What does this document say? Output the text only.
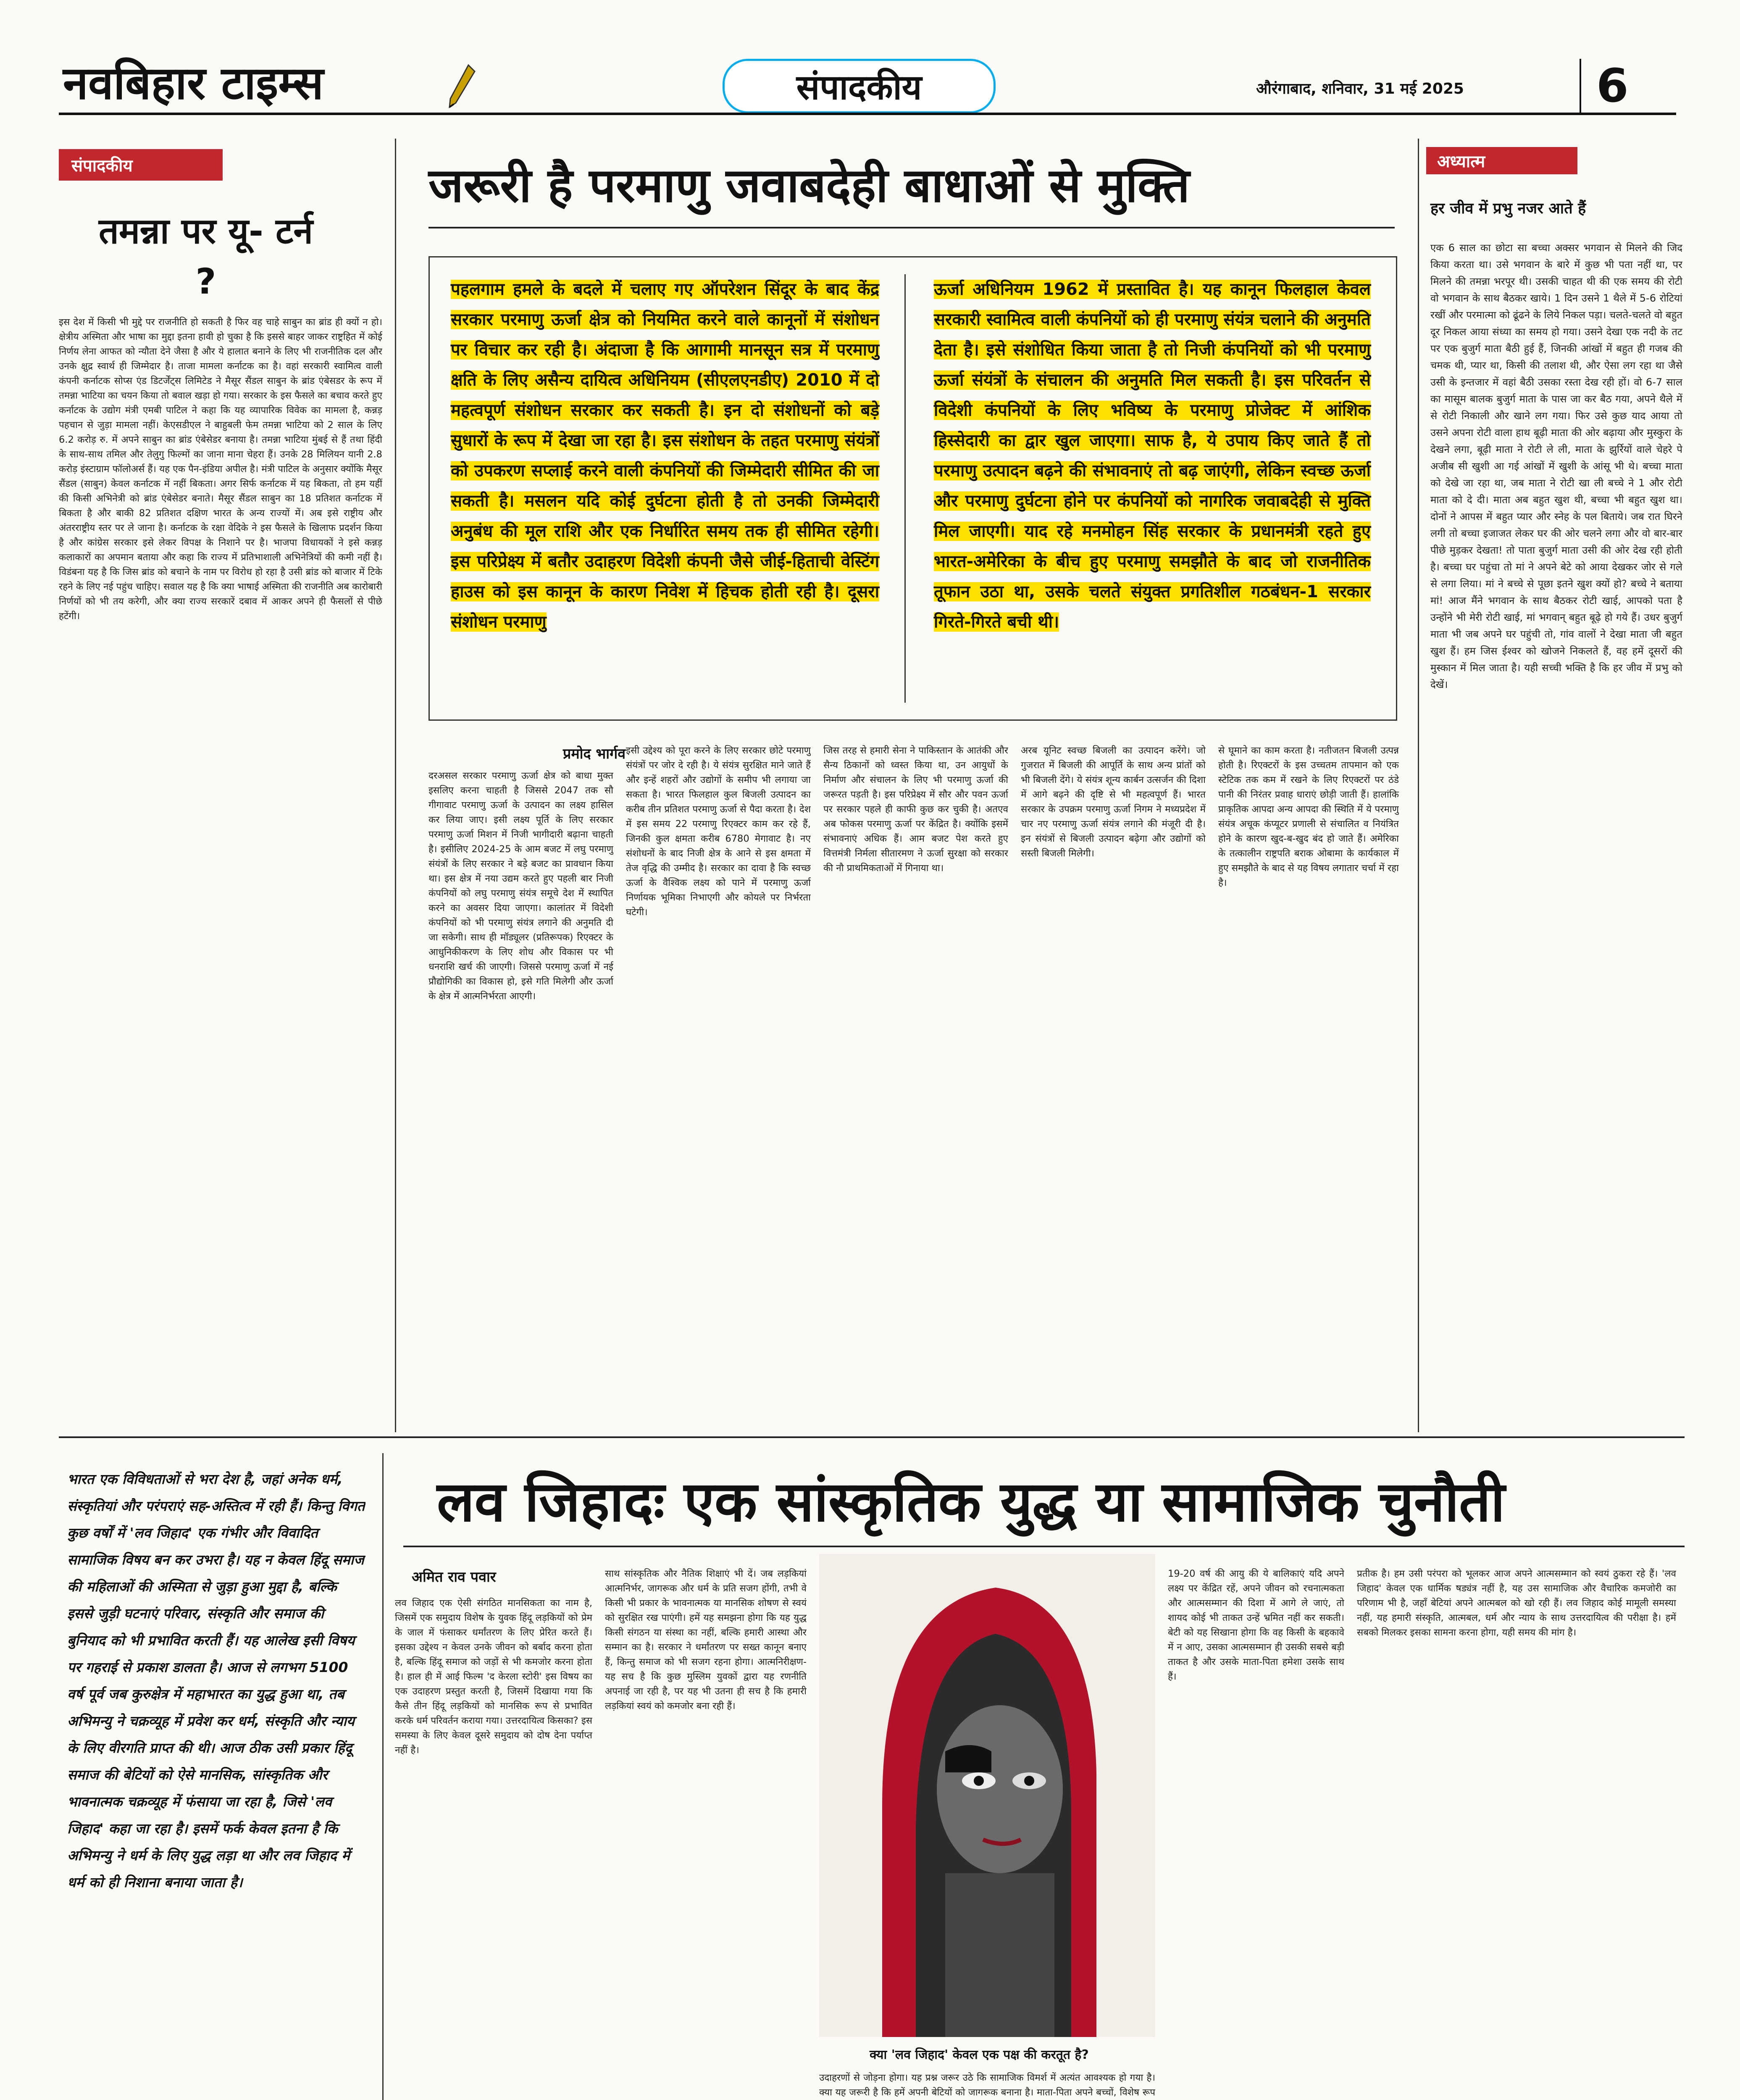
नवबिहार टाइम्स	संपादकीय	औरंगाबाद, शनिवार, 31 मई 2025	6
संपादकीय
तमन्ना पर यू- टर्न ?
इस देश में किसी भी मुद्दे पर राजनीति हो सकती है फिर वह चाहे साबुन का ब्रांड ही क्यों न हो। क्षेत्रीय अस्मिता और भाषा का मुद्दा इतना हावी हो चुका है कि इससे बाहर जाकर राष्ट्रहित में कोई निर्णय लेना आफत को न्यौता देने जैसा है और ये हालात बनाने के लिए भी राजनीतिक दल और उनके क्षुद्र स्वार्थ ही जिम्मेदार है। ताजा मामला कर्नाटक का है। वहां सरकारी स्वामित्व वाली कंपनी कर्नाटक सोप्स एंड डिटर्जेंट्स लिमिटेड ने मैसूर सैंडल साबुन के ब्रांड एंबेसडर के रूप में तमन्ना भाटिया का चयन किया तो बवाल खड़ा हो गया। सरकार के इस फैसले का बचाव करते हुए कर्नाटक के उद्योग मंत्री एमबी पाटिल ने कहा कि यह व्यापारिक विवेक का मामला है, कन्नड़ पहचान से जुड़ा मामला नहीं। केएसडीएल ने बाहुबली फेम तमन्ना भाटिया को 2 साल के लिए 6.2 करोड़ रु. में अपने साबुन का ब्रांड एंबेसेडर बनाया है। तमन्ना भाटिया मुंबई से हैं तथा हिंदी के साथ-साथ तमिल और तेलुगु फिल्मों का जाना माना चेहरा हैं। उनके 28 मिलियन यानी 2.8 करोड़ इंस्टाग्राम फॉलोअर्स हैं। यह एक पैन-इंडिया अपील है। मंत्री पाटिल के अनुसार क्योंकि मैसूर सैंडल (साबुन) केवल कर्नाटक में नहीं बिकता। अगर सिर्फ कर्नाटक में यह बिकता, तो हम यहीं की किसी अभिनेत्री को ब्रांड एंबेसेडर बनाते। मैसूर सैंडल साबुन का 18 प्रतिशत कर्नाटक में बिकता है और बाकी 82 प्रतिशत दक्षिण भारत के अन्य राज्यों में। अब इसे राष्ट्रीय और अंतरराष्ट्रीय स्तर पर ले जाना है। कर्नाटक के रक्षा वेदिके ने इस फैसले के खिलाफ प्रदर्शन किया है और कांग्रेस सरकार इसे लेकर विपक्ष के निशाने पर है। भाजपा विधायकों ने इसे कन्नड़ कलाकारों का अपमान बताया और कहा कि राज्य में प्रतिभाशाली अभिनेत्रियों की कमी नहीं है। विडंबना यह है कि जिस ब्रांड को बचाने के नाम पर विरोध हो रहा है उसी ब्रांड को बाजार में टिके रहने के लिए नई पहुंच चाहिए। सवाल यह है कि क्या भाषाई अस्मिता की राजनीति अब कारोबारी निर्णयों को भी तय करेगी, और क्या राज्य सरकारें दबाव में आकर अपने ही फैसलों से पीछे हटेंगी।
जरूरी है परमाणु जवाबदेही बाधाओं से मुक्ति
पहलगाम हमले के बदले में चलाए गए ऑपरेशन सिंदूर के बाद केंद्र सरकार परमाणु ऊर्जा क्षेत्र को नियमित करने वाले कानूनों में संशोधन पर विचार कर रही है। अंदाजा है कि आगामी मानसून सत्र में परमाणु क्षति के लिए असैन्य दायित्व अधिनियम (सीएलएनडीए) 2010 में दो महत्वपूर्ण संशोधन सरकार कर सकती है। इन दो संशोधनों को बड़े सुधारों के रूप में देखा जा रहा है। इस संशोधन के तहत परमाणु संयंत्रों को उपकरण सप्लाई करने वाली कंपनियों की जिम्मेदारी सीमित की जा सकती है। मसलन यदि कोई दुर्घटना होती है तो उनकी जिम्मेदारी अनुबंध की मूल राशि और एक निर्धारित समय तक ही सीमित रहेगी। इस परिप्रेक्ष्य में बतौर उदाहरण विदेशी कंपनी जैसे जीई-हिताची वेस्टिंग हाउस को इस कानून के कारण निवेश में हिचक होती रही है। दूसरा संशोधन परमाणु
ऊर्जा अधिनियम 1962 में प्रस्तावित है। यह कानून फिलहाल केवल सरकारी स्वामित्व वाली कंपनियों को ही परमाणु संयंत्र चलाने की अनुमति देता है। इसे संशोधित किया जाता है तो निजी कंपनियों को भी परमाणु ऊर्जा संयंत्रों के संचालन की अनुमति मिल सकती है। इस परिवर्तन से विदेशी कंपनियों के लिए भविष्य के परमाणु प्रोजेक्ट में आंशिक हिस्सेदारी का द्वार खुल जाएगा। साफ है, ये उपाय किए जाते हैं तो परमाणु उत्पादन बढ़ने की संभावनाएं तो बढ़ जाएंगी, लेकिन स्वच्छ ऊर्जा और परमाणु दुर्घटना होने पर कंपनियों को नागरिक जवाबदेही से मुक्ति मिल जाएगी। याद रहे मनमोहन सिंह सरकार के प्रधानमंत्री रहते हुए भारत-अमेरिका के बीच हुए परमाणु समझौते के बाद जो राजनीतिक तूफान उठा था, उसके चलते संयुक्त प्रगतिशील गठबंधन-1 सरकार गिरते-गिरते बची थी।
प्रमोद भार्गव
दरअसल सरकार परमाणु ऊर्जा क्षेत्र को बाधा मुक्त इसलिए करना चाहती है जिससे 2047 तक सौ गीगावाट परमाणु ऊर्जा के उत्पादन का लक्ष्य हासिल कर लिया जाए। इसी लक्ष्य पूर्ति के लिए सरकार परमाणु ऊर्जा मिशन में निजी भागीदारी बढ़ाना चाहती है। इसीलिए 2024-25 के आम बजट में लघु परमाणु संयंत्रों के लिए सरकार ने बड़े बजट का प्रावधान किया था। इस क्षेत्र में नया उद्यम करते हुए पहली बार निजी कंपनियों को लघु परमाणु संयंत्र समूचे देश में स्थापित करने का अवसर दिया जाएगा। कालांतर में विदेशी कंपनियों को भी परमाणु संयंत्र लगाने की अनुमति दी जा सकेगी। साथ ही मॉड्यूलर (प्रतिरूपक) रिएक्टर के आधुनिकीकरण के लिए शोध और विकास पर भी धनराशि खर्च की जाएगी। जिससे परमाणु ऊर्जा में नई प्रौद्योगिकी का विकास हो, इसे गति मिलेगी और ऊर्जा के क्षेत्र में आत्मनिर्भरता आएगी।
इसी उद्देश्य को पूरा करने के लिए सरकार छोटे परमाणु संयंत्रों पर जोर दे रही है। ये संयंत्र सुरक्षित माने जाते हैं और इन्हें शहरों और उद्योगों के समीप भी लगाया जा सकता है। भारत फिलहाल कुल बिजली उत्पादन का करीब तीन प्रतिशत परमाणु ऊर्जा से पैदा करता है। देश में इस समय 22 परमाणु रिएक्टर काम कर रहे हैं, जिनकी कुल क्षमता करीब 6780 मेगावाट है। नए संशोधनों के बाद निजी क्षेत्र के आने से इस क्षमता में तेज वृद्धि की उम्मीद है। सरकार का दावा है कि स्वच्छ ऊर्जा के वैश्विक लक्ष्य को पाने में परमाणु ऊर्जा निर्णायक भूमिका निभाएगी और कोयले पर निर्भरता घटेगी।
जिस तरह से हमारी सेना ने पाकिस्तान के आतंकी और सैन्य ठिकानों को ध्वस्त किया था, उन आयुधों के निर्माण और संचालन के लिए भी परमाणु ऊर्जा की जरूरत पड़ती है। इस परिप्रेक्ष्य में सौर और पवन ऊर्जा पर सरकार पहले ही काफी कुछ कर चुकी है। अतएव अब फोकस परमाणु ऊर्जा पर केंद्रित है। क्योंकि इसमें संभावनाएं अधिक हैं। आम बजट पेश करते हुए वित्तमंत्री निर्मला सीतारमण ने ऊर्जा सुरक्षा को सरकार की नौ प्राथमिकताओं में गिनाया था।
अरब यूनिट स्वच्छ बिजली का उत्पादन करेंगे। जो गुजरात में बिजली की आपूर्ति के साथ अन्य प्रांतों को भी बिजली देंगे। ये संयंत्र शून्य कार्बन उत्सर्जन की दिशा में आगे बढ़ने की दृष्टि से भी महत्वपूर्ण हैं। भारत सरकार के उपक्रम परमाणु ऊर्जा निगम ने मध्यप्रदेश में चार नए परमाणु ऊर्जा संयंत्र लगाने की मंजूरी दी है। इन संयंत्रों से बिजली उत्पादन बढ़ेगा और उद्योगों को सस्ती बिजली मिलेगी।
से घूमाने का काम करता है। नतीजतन बिजली उत्पन्न होती है। रिएक्टरों के इस उच्चतम तापमान को एक स्टेटिक तक कम में रखने के लिए रिएक्टरों पर ठंडे पानी की निरंतर प्रवाह धाराएं छोड़ी जाती हैं। हालांकि प्राकृतिक आपदा अन्य आपदा की स्थिति में ये परमाणु संयंत्र अचूक कंप्यूटर प्रणाली से संचालित व नियंत्रित होने के कारण खुद-ब-खुद बंद हो जाते हैं। अमेरिका के तत्कालीन राष्ट्रपति बराक ओबामा के कार्यकाल में हुए समझौते के बाद से यह विषय लगातार चर्चा में रहा है।
अध्यात्म
हर जीव में प्रभु नजर आते हैं
एक 6 साल का छोटा सा बच्चा अक्सर भगवान से मिलने की जिद किया करता था। उसे भगवान के बारे में कुछ भी पता नहीं था, पर मिलने की तमन्ना भरपूर थी। उसकी चाहत थी की एक समय की रोटी वो भगवान के साथ बैठकर खाये। 1 दिन उसने 1 थैले में 5-6 रोटियां रखीं और परमात्मा को ढूंढने के लिये निकल पड़ा। चलते-चलते वो बहुत दूर निकल आया संध्या का समय हो गया। उसने देखा एक नदी के तट पर एक बुजुर्ग माता बैठी हुई हैं, जिनकी आंखों में बहुत ही गजब की चमक थी, प्यार था, किसी की तलाश थी, और ऐसा लग रहा था जैसे उसी के इन्तजार में वहां बैठी उसका रस्ता देख रही हों। वो 6-7 साल का मासूम बालक बुजुर्ग माता के पास जा कर बैठ गया, अपने थैले में से रोटी निकाली और खाने लग गया। फिर उसे कुछ याद आया तो उसने अपना रोटी वाला हाथ बूढ़ी माता की ओर बढ़ाया और मुस्कुरा के देखने लगा, बूढ़ी माता ने रोटी ले ली, माता के झुर्रियों वाले चेहरे पे अजीब सी खुशी आ गई आंखों में खुशी के आंसू भी थे। बच्चा माता को देखे जा रहा था, जब माता ने रोटी खा ली बच्चे ने 1 और रोटी माता को दे दी। माता अब बहुत खुश थी, बच्चा भी बहुत खुश था। दोनों ने आपस में बहुत प्यार और स्नेह के पल बिताये। जब रात घिरने लगी तो बच्चा इजाजत लेकर घर की ओर चलने लगा और वो बार-बार पीछे मुड़कर देखता! तो पाता बुजुर्ग माता उसी की ओर देख रही होती है। बच्चा घर पहुंचा तो मां ने अपने बेटे को आया देखकर जोर से गले से लगा लिया। मां ने बच्चे से पूछा इतने खुश क्यों हो? बच्चे ने बताया मां! आज मैंने भगवान के साथ बैठकर रोटी खाई, आपको पता है उन्होंने भी मेरी रोटी खाई, मां भगवान् बहुत बूढ़े हो गये हैं। उधर बुजुर्ग माता भी जब अपने घर पहुंची तो, गांव वालों ने देखा माता जी बहुत खुश हैं। हम जिस ईश्वर को खोजने निकलते हैं, वह हमें दूसरों की मुस्कान में मिल जाता है। यही सच्ची भक्ति है कि हर जीव में प्रभु को देखें।
भारत एक विविधताओं से भरा देश है, जहां अनेक धर्म, संस्कृतियां और परंपराएं सह-अस्तित्व में रही हैं। किन्तु विगत कुछ वर्षों में 'लव जिहाद' एक गंभीर और विवादित सामाजिक विषय बन कर उभरा है। यह न केवल हिंदू समाज की महिलाओं की अस्मिता से जुड़ा हुआ मुद्दा है, बल्कि इससे जुड़ी घटनाएं परिवार, संस्कृति और समाज की बुनियाद को भी प्रभावित करती हैं। यह आलेख इसी विषय पर गहराई से प्रकाश डालता है। आज से लगभग 5100 वर्ष पूर्व जब कुरुक्षेत्र में महाभारत का युद्ध हुआ था, तब अभिमन्यु ने चक्रव्यूह में प्रवेश कर धर्म, संस्कृति और न्याय के लिए वीरगति प्राप्त की थी। आज ठीक उसी प्रकार हिंदू समाज की बेटियों को ऐसे मानसिक, सांस्कृतिक और भावनात्मक चक्रव्यूह में फंसाया जा रहा है, जिसे 'लव जिहाद' कहा जा रहा है। इसमें फर्क केवल इतना है कि अभिमन्यु ने धर्म के लिए युद्ध लड़ा था और लव जिहाद में धर्म को ही निशाना बनाया जाता है।
लव जिहादः एक सांस्कृतिक युद्ध या सामाजिक चुनौती
अमित राव पवार
लव जिहाद एक ऐसी संगठित मानसिकता का नाम है, जिसमें एक समुदाय विशेष के युवक हिंदू लड़कियों को प्रेम के जाल में फंसाकर धर्मांतरण के लिए प्रेरित करते हैं। इसका उद्देश्य न केवल उनके जीवन को बर्बाद करना होता है, बल्कि हिंदू समाज को जड़ों से भी कमजोर करना होता है। हाल ही में आई फिल्म 'द केरला स्टोरी' इस विषय का एक उदाहरण प्रस्तुत करती है, जिसमें दिखाया गया कि कैसे तीन हिंदू लड़कियों को मानसिक रूप से प्रभावित करके धर्म परिवर्तन कराया गया। उत्तरदायित्व किसका? इस समस्या के लिए केवल दूसरे समुदाय को दोष देना पर्याप्त नहीं है।
साथ सांस्कृतिक और नैतिक शिक्षाएं भी दें। जब लड़कियां आत्मनिर्भर, जागरूक और धर्म के प्रति सजग होंगी, तभी वे किसी भी प्रकार के भावनात्मक या मानसिक शोषण से स्वयं को सुरक्षित रख पाएंगी। हमें यह समझना होगा कि यह युद्ध किसी संगठन या संस्था का नहीं, बल्कि हमारी आस्था और सम्मान का है। सरकार ने धर्मांतरण पर सख्त कानून बनाए हैं, किन्तु समाज को भी सजग रहना होगा। आत्मनिरीक्षण- यह सच है कि कुछ मुस्लिम युवकों द्वारा यह रणनीति अपनाई जा रही है, पर यह भी उतना ही सच है कि हमारी लड़कियां स्वयं को कमजोर बना रही हैं।
क्या 'लव जिहाद' केवल एक पक्ष की करतूत है?
उदाहरणों से जोड़ना होगा। यह प्रश्न जरूर उठे कि सामाजिक विमर्श में अत्यंत आवश्यक हो गया है। क्या यह जरूरी है कि हमें अपनी बेटियों को जागरूक बनाना है। माता-पिता अपने बच्चों, विशेष रूप
19-20 वर्ष की आयु की ये बालिकाएं यदि अपने लक्ष्य पर केंद्रित रहें, अपने जीवन को रचनात्मकता और आत्मसम्मान की दिशा में आगे ले जाएं, तो शायद कोई भी ताकत उन्हें भ्रमित नहीं कर सकती। बेटी को यह सिखाना होगा कि वह किसी के बहकावे में न आए, उसका आत्मसम्मान ही उसकी सबसे बड़ी ताकत है और उसके माता-पिता हमेशा उसके साथ हैं।
प्रतीक है। हम उसी परंपरा को भूलकर आज अपने आत्मसम्मान को स्वयं ठुकरा रहे हैं। 'लव जिहाद' केवल एक धार्मिक षड्यंत्र नहीं है, यह उस सामाजिक और वैचारिक कमजोरी का परिणाम भी है, जहाँ बेटियां अपने आत्मबल को खो रही हैं। लव जिहाद कोई मामूली समस्या नहीं, यह हमारी संस्कृति, आत्मबल, धर्म और न्याय के साथ उत्तरदायित्व की परीक्षा है। हमें सबको मिलकर इसका सामना करना होगा, यही समय की मांग है।
